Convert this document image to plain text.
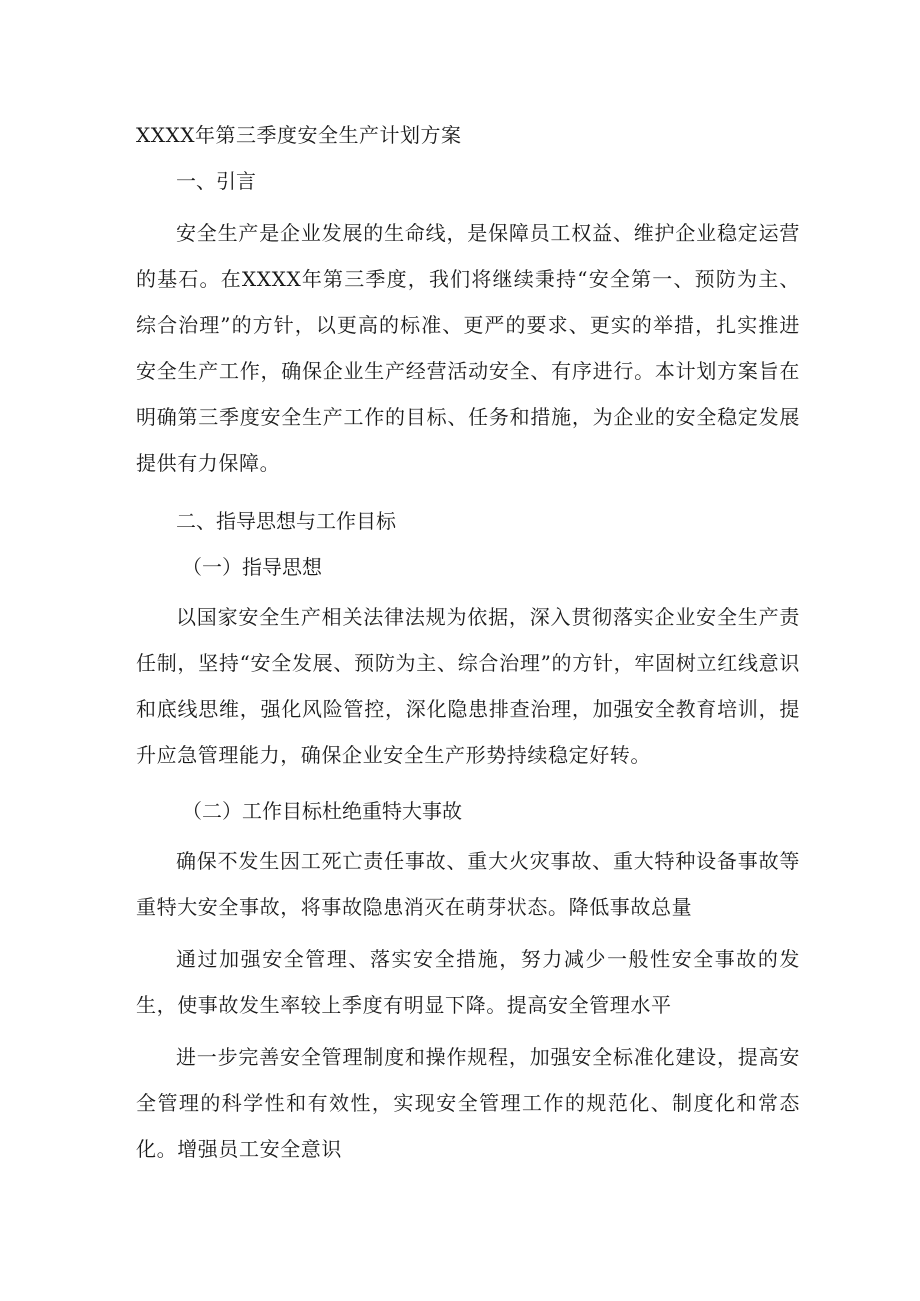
XXXX年第三季度安全生产计划方案

一、引言

安全生产是企业发展的生命线，是保障员工权益、维护企业稳定运营的基石。在XXXX年第三季度，我们将继续秉持“安全第一、预防为主、综合治理”的方针，以更高的标准、更严的要求、更实的举措，扎实推进安全生产工作，确保企业生产经营活动安全、有序进行。本计划方案旨在明确第三季度安全生产工作的目标、任务和措施，为企业的安全稳定发展提供有力保障。

二、指导思想与工作目标

（一）指导思想

以国家安全生产相关法律法规为依据，深入贯彻落实企业安全生产责任制，坚持“安全发展、预防为主、综合治理”的方针，牢固树立红线意识和底线思维，强化风险管控，深化隐患排查治理，加强安全教育培训，提升应急管理能力，确保企业安全生产形势持续稳定好转。

（二）工作目标杜绝重特大事故

确保不发生因工死亡责任事故、重大火灾事故、重大特种设备事故等重特大安全事故，将事故隐患消灭在萌芽状态。降低事故总量

通过加强安全管理、落实安全措施，努力减少一般性安全事故的发生，使事故发生率较上季度有明显下降。提高安全管理水平

进一步完善安全管理制度和操作规程，加强安全标准化建设，提高安全管理的科学性和有效性，实现安全管理工作的规范化、制度化和常态化。增强员工安全意识
